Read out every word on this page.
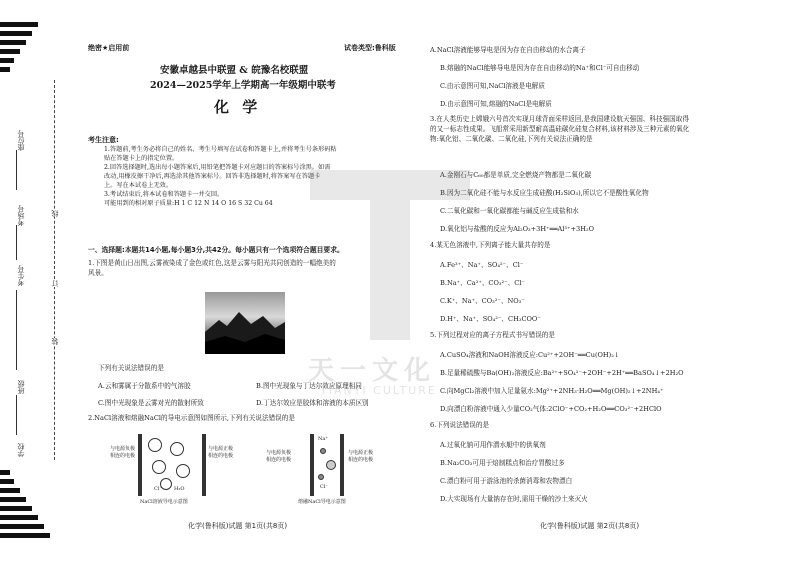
座位号
考场号
考生号
班级
学校
线
订
装
绝密★启用前	试卷类型:鲁科版
安徽卓越县中联盟 & 皖豫名校联盟
2024—2025学年上学期高一年级期中联考
化 学
考生注意:
1.答题前,考生务必将自己的姓名、考生号填写在试卷和答题卡上,并将考生号条形码粘
贴在答题卡上的指定位置。
2.回答选择题时,选出每小题答案后,用铅笔把答题卡对应题目的答案标号涂黑。如需
改动,用橡皮擦干净后,再选涂其他答案标号。回答非选择题时,将答案写在答题卡
上。写在本试卷上无效。
3.考试结束后,将本试卷和答题卡一并交回。
可能用到的相对原子质量:H 1 C 12 N 14 O 16 S 32 Cu 64
一、选择题:本题共14小题,每小题3分,共42分。每小题只有一个选项符合题目要求。
1.下图是黄山日出图,云雾被染成了金色或红色,这是云雾与阳光共同创造的一幅绝美的
风景。
下列有关说法错误的是
A.云和雾属于分散系中的气溶胶	B.图中光现象与丁达尔效应原理相同
C.图中光现象是云雾对光的散射所致	D.丁达尔效应是胶体和溶液的本质区别
2.NaCl溶液和熔融NaCl的导电示意图如图所示,下列有关说法错误的是
与电源负极
相连的电极
与电源正极
相连的电极
Cl⁻ H₂O
NaCl溶液导电示意图
与电源负极
相连的电极
与电源正极
相连的电极
Na⁺
Cl⁻
熔融NaCl导电示意图
化学(鲁科版)试题 第1页(共8页)
A.NaCl溶液能够导电是因为存在自由移动的水合离子
B.熔融的NaCl能够导电是因为存在自由移动的Na⁺和Cl⁻可自由移动
C.由示意图可知,NaCl溶液是电解质
D.由示意图可知,熔融的NaCl是电解质
3.在人类历史上嫦娥六号首次实现月球背面采样返回,是我国建设航天强国、科技强国取得
的又一标志性成果。飞船常采用新型耐高温硅碳化硅复合材料,该材料涉及三种元素的氧化
物:氧化铝、二氧化碳、二氧化硅,下列有关说法正确的是
A.金刚石与C₆₀都是单质,完全燃烧产物都是二氧化碳
B.因为二氧化硅不能与水反应生成硅酸(H₂SiO₃),所以它不是酸性氧化物
C.二氧化碳和一氧化碳都能与碱反应生成盐和水
D.氧化铝与盐酸的反应为Al₂O₃+3H⁺══Al³⁺+3H₂O
4.某无色溶液中,下列离子能大量共存的是
A.Fe³⁺、Na⁺、SO₄²⁻、Cl⁻
B.Na⁺、Ca²⁺、CO₃²⁻、Cl⁻
C.K⁺、Na⁺、CO₃²⁻、NO₃⁻
D.H⁺、Na⁺、SO₄²⁻、CH₃COO⁻
5.下列过程对应的离子方程式书写错误的是
A.CuSO₄溶液和NaOH溶液反应:Cu²⁺+2OH⁻══Cu(OH)₂↓
B.足量稀硫酸与Ba(OH)₂溶液反应:Ba²⁺+SO₄²⁻+2OH⁻+2H⁺══BaSO₄↓+2H₂O
C.向MgCl₂溶液中加入足量氨水:Mg²⁺+2NH₃·H₂O══Mg(OH)₂↓+2NH₄⁺
D.向漂白粉溶液中通入少量CO₂气体:2ClO⁻+CO₂+H₂O══CO₃²⁻+2HClO
6.下列说法错误的是
A.过氧化钠可用作潜水艇中的供氧剂
B.Na₂CO₃可用于焙制糕点和治疗胃酸过多
C.漂白粉可用于游泳池的杀菌消毒和农物漂白
D.大实现场有大量钠存在时,需用干燥的沙土来灭火
化学(鲁科版)试题 第2页(共8页)
天一文化
TIANYI CULTURE
